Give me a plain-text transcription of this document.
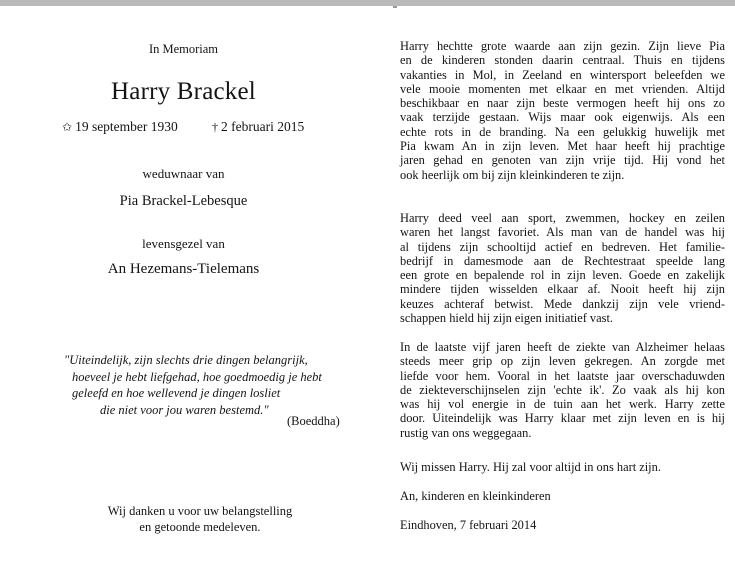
In Memoriam
Harry Brackel
✩ 19 september 1930	† 2 februari 2015
weduwnaar van
Pia Brackel-Lebesque
levensgezel van
An Hezemans-Tielemans
"Uiteindelijk, zijn slechts drie dingen belangrijk,
hoeveel je hebt liefgehad, hoe goedmoedig je hebt
geleefd en hoe wellevend je dingen losliet
die niet voor jou waren bestemd."
(Boeddha)
Wij danken u voor uw belangstelling
en getoonde medeleven.
Harry hechtte grote waarde aan zijn gezin. Zijn lieve Pia
en de kinderen stonden daarin centraal. Thuis en tijdens
vakanties in Mol, in Zeeland en wintersport beleefden we
vele mooie momenten met elkaar en met vrienden. Altijd
beschikbaar en naar zijn beste vermogen heeft hij ons zo
vaak terzijde gestaan. Wijs maar ook eigenwijs. Als een
echte rots in de branding. Na een gelukkig huwelijk met
Pia kwam An in zijn leven. Met haar heeft hij prachtige
jaren gehad en genoten van zijn vrije tijd. Hij vond het
ook heerlijk om bij zijn kleinkinderen te zijn.
Harry deed veel aan sport, zwemmen, hockey en zeilen
waren het langst favoriet. Als man van de handel was hij
al tijdens zijn schooltijd actief en bedreven. Het familie-
bedrijf in damesmode aan de Rechtestraat speelde lang
een grote en bepalende rol in zijn leven. Goede en zakelijk
mindere tijden wisselden elkaar af. Nooit heeft hij zijn
keuzes achteraf betwist. Mede dankzij zijn vele vriend-
schappen hield hij zijn eigen initiatief vast.
In de laatste vijf jaren heeft de ziekte van Alzheimer helaas
steeds meer grip op zijn leven gekregen. An zorgde met
liefde voor hem. Vooral in het laatste jaar overschaduwden
de ziekteverschijnselen zijn 'echte ik'. Zo vaak als hij kon
was hij vol energie in de tuin aan het werk. Harry zette
door. Uiteindelijk was Harry klaar met zijn leven en is hij
rustig van ons weggegaan.
Wij missen Harry. Hij zal voor altijd in ons hart zijn.
An, kinderen en kleinkinderen
Eindhoven, 7 februari 2014
